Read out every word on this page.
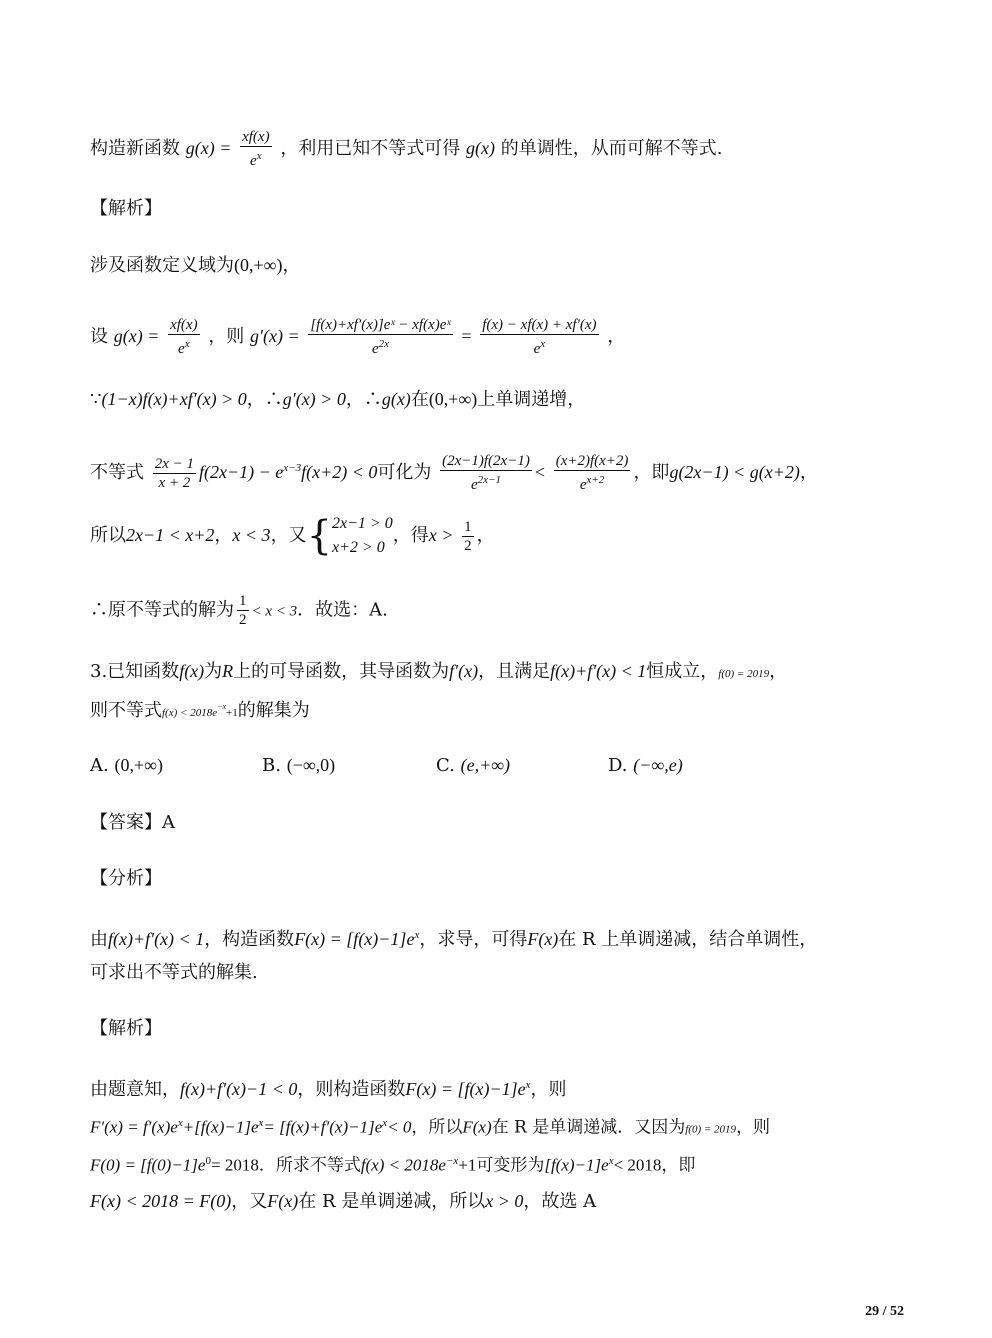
构造新函数 $g(x) = \frac{xf(x)}{e^x}$ ，利用已知不等式可得 g(x) 的单调性，从而可解不等式.
【解析】
涉及函数定义域为(0,+∞)，
设 $g(x) = \frac{xf(x)}{e^x}$ ，则 $g'(x) = \frac{\text{[f(x)+xf′(x)]eˣ − xf(x)eˣ}}{e^{2x}} = \frac{f(x) - xf(x) + xf'(x)}{e^x}$ ，
∵(1−x)f(x)+xf′(x) > 0，∴g′(x) > 0，∴g(x)在(0,+∞)上单调递增，
不等式 $\frac{2x - 1}{x + 2} f(2x-1) - e^{x-3}f(x+2) < 0$可化为 $\frac{(2x-1)f(2x-1)}{e^{2x-1}} < \frac{(x+2)f(x+2)}{e^{x+2}}$ ，即g(2x−1) < g(x+2)，
所以2x−1 < x+2，x < 3，又{ 2x−1 > 0
x+2 > 0
，得$x > \frac{1}{2}$ ，
∴原不等式的解为 $\frac{1}{2} < x < 3$．故选：A.
3.已知函数f(x)为R上的可导函数，其导函数为f′(x)，且满足f(x)+f′(x) < 1恒成立，f(0) = 2019，
则不等式$f(x) < 2018e^{-x}+1$的解集为
A. (0,+∞)	B. (−∞,0)	C. (e,+∞)	D. (−∞,e)
【答案】A
【分析】
由f(x)+f′(x) < 1，构造函数$F(x) = [f(x)-1]e^x$，求导，可得F(x)在 R 上单调递减，结合单调性，
可求出不等式的解集.
【解析】
由题意知，f(x)+f′(x)−1 < 0，则构造函数$F(x) = [f(x)-1]e^x$，则
$F'(x) = f'(x)e^x+[f(x)-1]e^x= [f(x)+f'(x)-1]e^x< 0$，所以F(x)在 R 是单调递减．又因为f(0) = 2019，则
$F(0) = [f(0)-1]e^0= 2018$．所求不等式$f(x) < 2018e^{-x}+1$可变形为$[f(x)-1]e^x< 2018$，即
F(x) < 2018 = F(0)，又F(x)在 R 是单调递减，所以x > 0，故选 A
29 / 52
